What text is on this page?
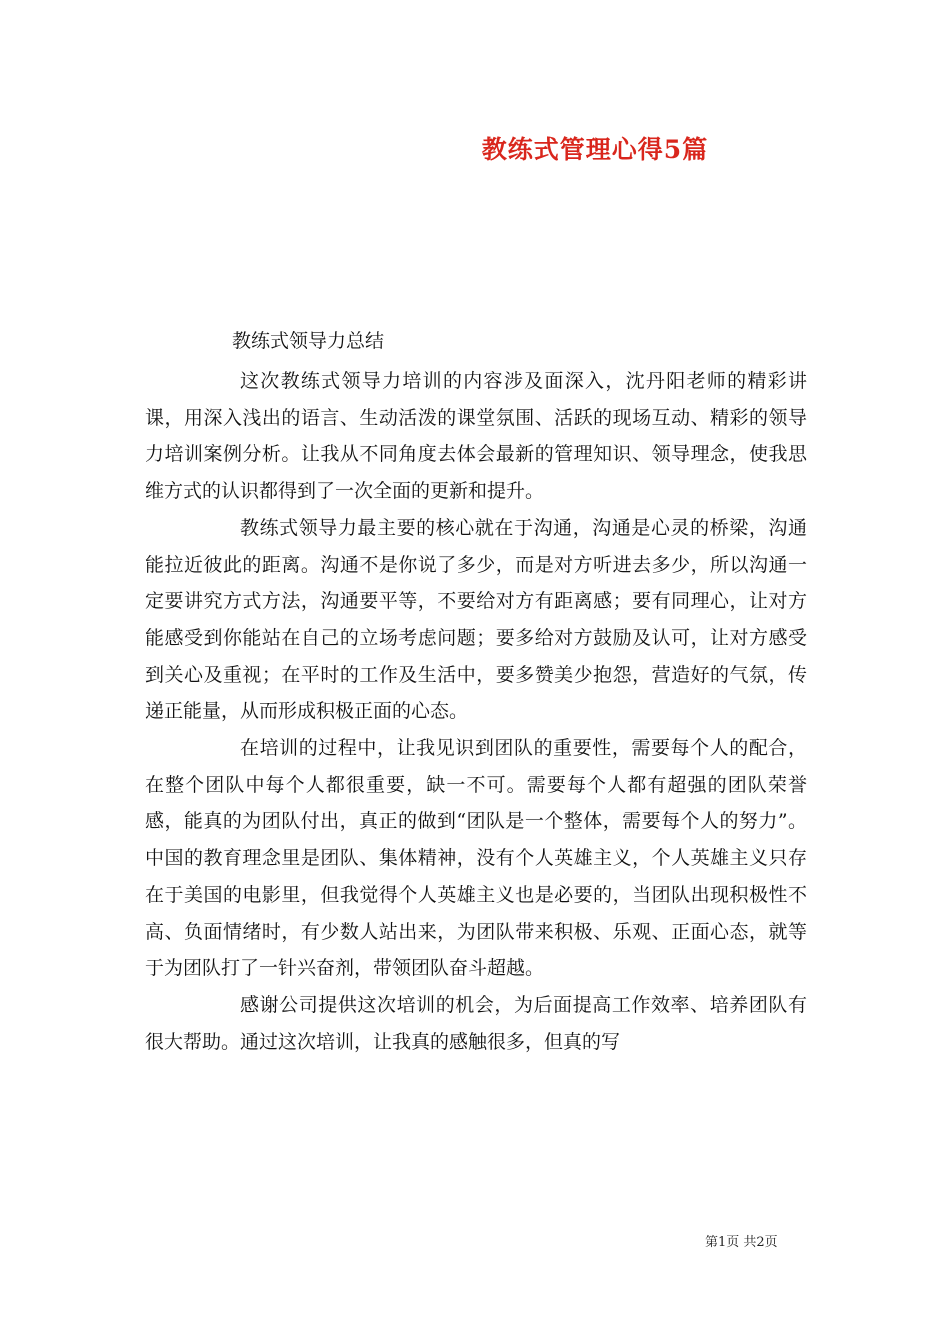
教练式管理心得5篇

教练式领导力总结

这次教练式领导力培训的内容涉及面深入，沈丹阳老师的精彩讲课，用深入浅出的语言、生动活泼的课堂氛围、活跃的现场互动、精彩的领导力培训案例分析。让我从不同角度去体会最新的管理知识、领导理念，使我思维方式的认识都得到了一次全面的更新和提升。

教练式领导力最主要的核心就在于沟通，沟通是心灵的桥梁，沟通能拉近彼此的距离。沟通不是你说了多少，而是对方听进去多少，所以沟通一定要讲究方式方法，沟通要平等，不要给对方有距离感；要有同理心，让对方能感受到你能站在自己的立场考虑问题；要多给对方鼓励及认可，让对方感受到关心及重视；在平时的工作及生活中，要多赞美少抱怨，营造好的气氛，传递正能量，从而形成积极正面的心态。

在培训的过程中，让我见识到团队的重要性，需要每个人的配合，在整个团队中每个人都很重要，缺一不可。需要每个人都有超强的团队荣誉感，能真的为团队付出，真正的做到“团队是一个整体，需要每个人的努力”。中国的教育理念里是团队、集体精神，没有个人英雄主义，个人英雄主义只存在于美国的电影里，但我觉得个人英雄主义也是必要的，当团队出现积极性不高、负面情绪时，有少数人站出来，为团队带来积极、乐观、正面心态，就等于为团队打了一针兴奋剂，带领团队奋斗超越。

感谢公司提供这次培训的机会，为后面提高工作效率、培养团队有很大帮助。通过这次培训，让我真的感触很多，但真的写

第1页 共2页
